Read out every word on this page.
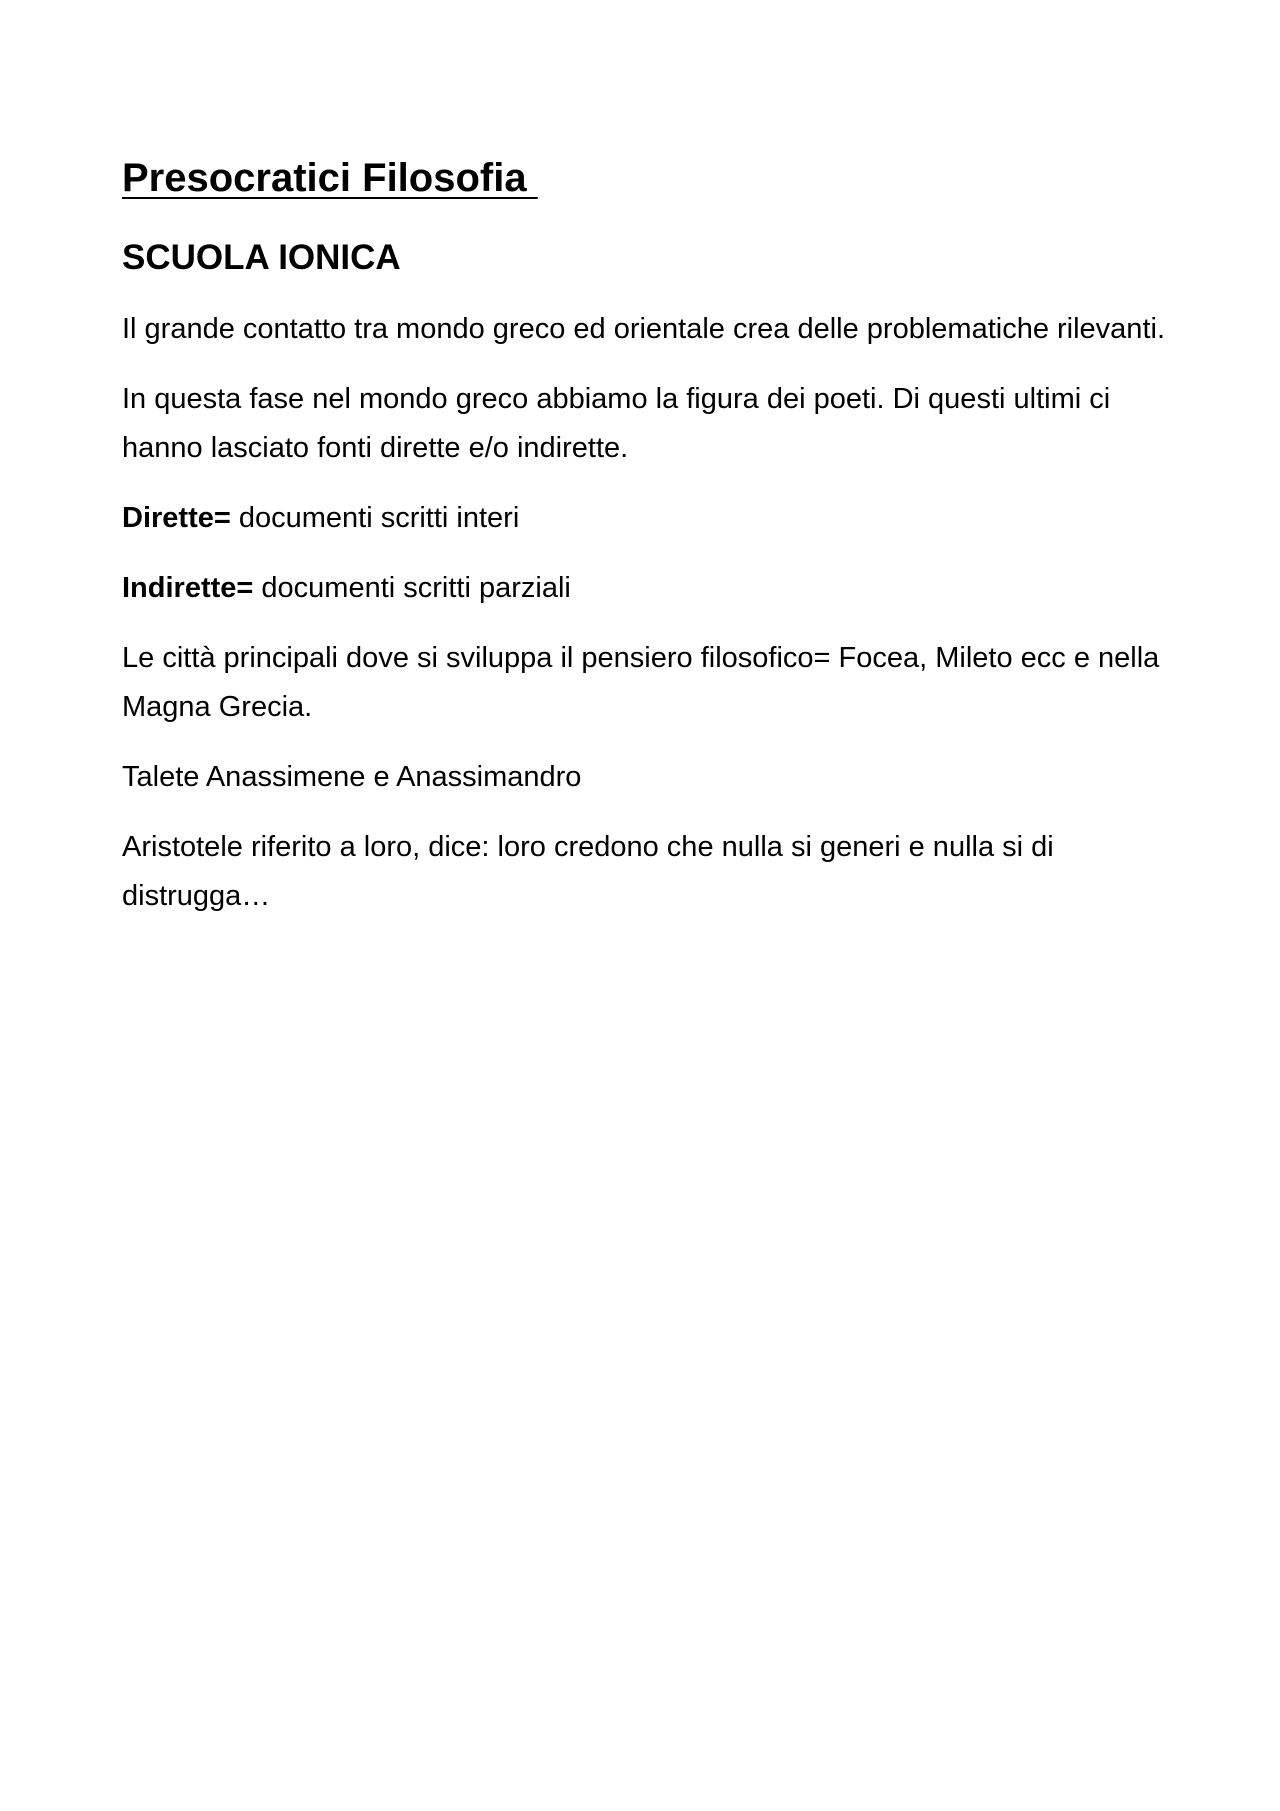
Presocratici Filosofia
SCUOLA IONICA

Il grande contatto tra mondo greco ed orientale crea delle problematiche rilevanti.

In questa fase nel mondo greco abbiamo la figura dei poeti. Di questi ultimi ci hanno lasciato fonti dirette e/o indirette.

Dirette= documenti scritti interi

Indirette= documenti scritti parziali

Le città principali dove si sviluppa il pensiero filosofico= Focea, Mileto ecc e nella Magna Grecia.

Talete Anassimene e Anassimandro

Aristotele riferito a loro, dice: loro credono che nulla si generi e nulla si di distrugga…
